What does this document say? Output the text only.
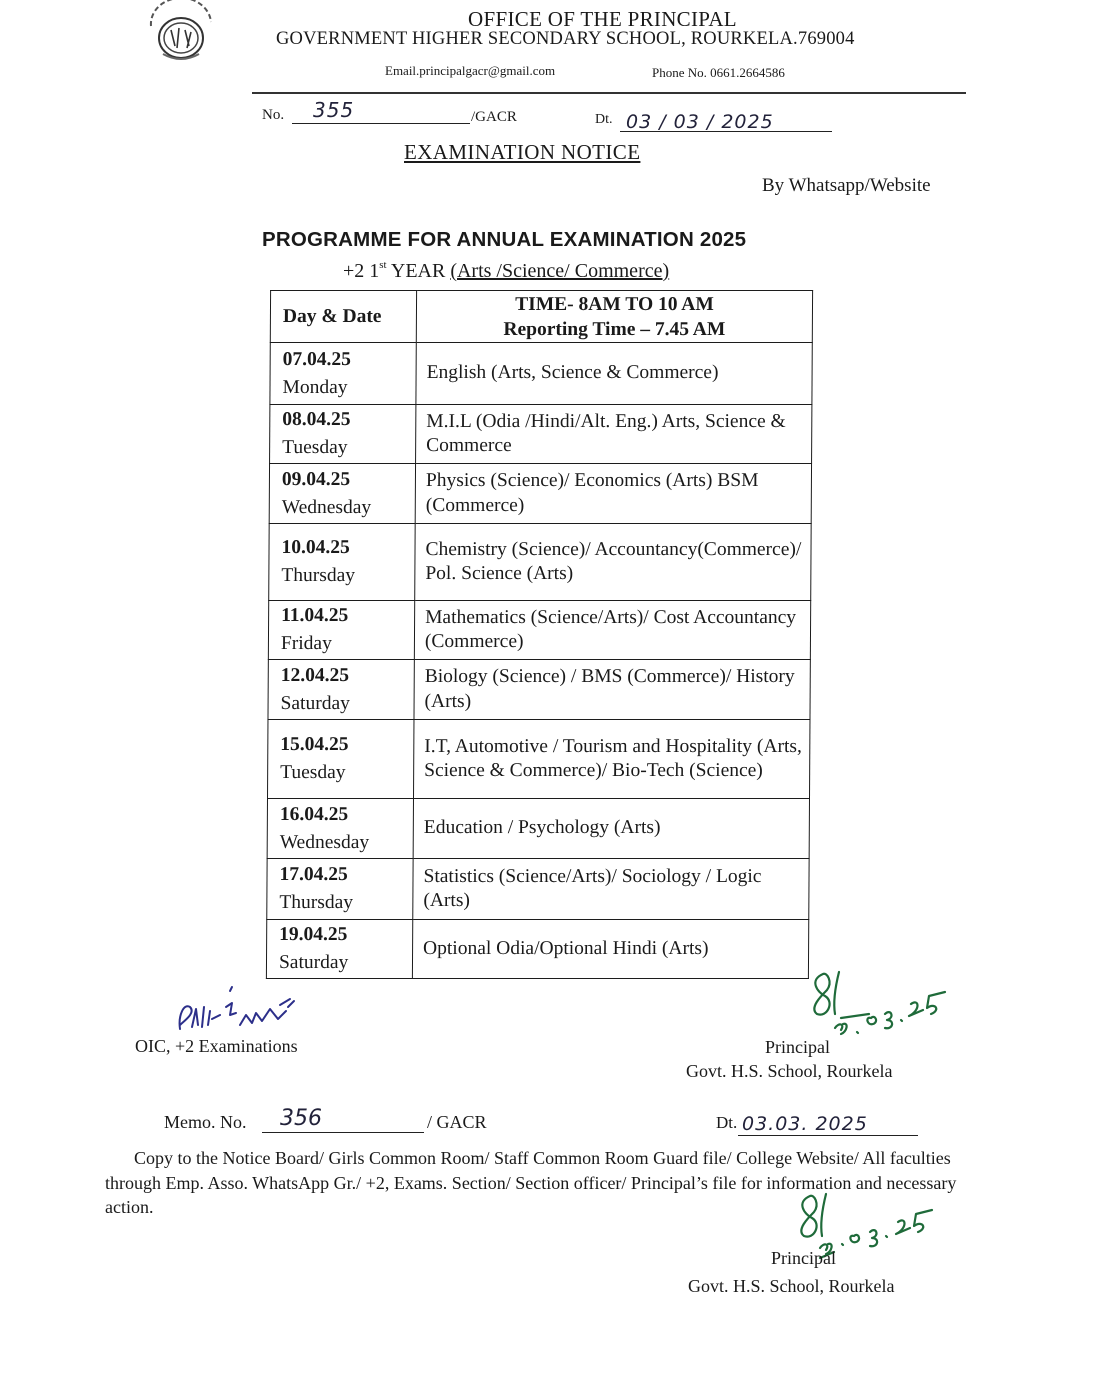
OFFICE OF THE PRINCIPAL
GOVERNMENT HIGHER SECONDARY SCHOOL, ROURKELA.769004
Email.principalgacr@gmail.com	Phone No. 0661.2664586
No. 355	/GACR	Dt. 03 / 03 / 2025
EXAMINATION NOTICE
By Whatsapp/Website
PROGRAMME FOR ANNUAL EXAMINATION 2025
+2 1st YEAR (Arts /Science/ Commerce)
Day & Date	TIME- 8AM TO 10 AM
Reporting Time – 7.45 AM

07.04.25
Monday	English (Arts, Science & Commerce)

08.04.25
Tuesday	M.I.L (Odia /Hindi/Alt. Eng.) Arts, Science & Commerce

09.04.25
Wednesday	Physics (Science)/ Economics (Arts) BSM (Commerce)

10.04.25
Thursday	Chemistry (Science)/ Accountancy(Commerce)/ Pol. Science (Arts)

11.04.25
Friday	Mathematics (Science/Arts)/ Cost Accountancy (Commerce)

12.04.25
Saturday	Biology (Science) / BMS (Commerce)/ History (Arts)

15.04.25
Tuesday	I.T, Automotive / Tourism and Hospitality (Arts, Science & Commerce)/ Bio-Tech (Science)

16.04.25
Wednesday	Education / Psychology (Arts)

17.04.25
Thursday	Statistics (Science/Arts)/ Sociology / Logic (Arts)

19.04.25
Saturday	Optional Odia/Optional Hindi (Arts)
OIC, +2 Examinations	Principal
Govt. H.S. School, Rourkela
Memo. No. 356	/ GACR	Dt. 03.03. 2025
Copy to the Notice Board/ Girls Common Room/ Staff Common Room Guard file/ College Website/ All faculties through Emp. Asso. WhatsApp Gr./ +2, Exams. Section/ Section officer/ Principal’s file for information and necessary action.
Principal
Govt. H.S. School, Rourkela
